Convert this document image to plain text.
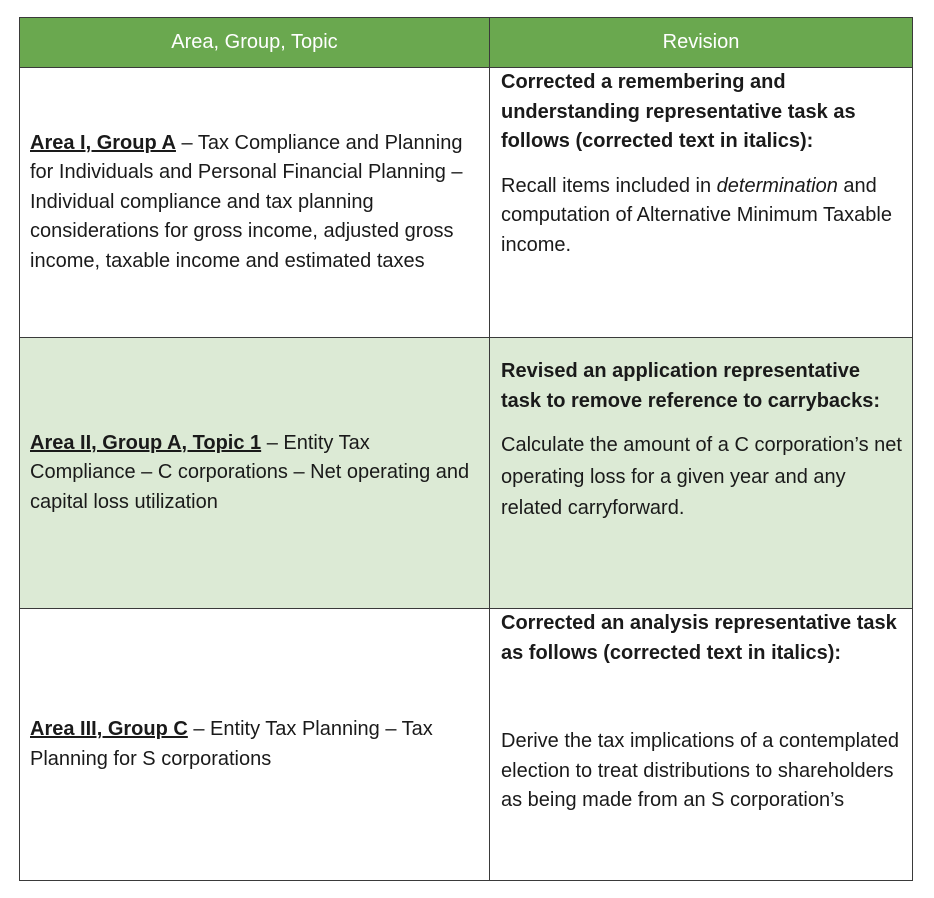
Area, Group, Topic	Revision
Area I, Group A – Tax Compliance and Planning for Individuals and Personal Financial Planning – Individual compliance and tax planning considerations for gross income, adjusted gross income, taxable income and estimated taxes	Corrected a remembering and understanding representative task as follows (corrected text in italics):

Recall items included in determination and computation of Alternative Minimum Taxable income.

Area II, Group A, Topic 1 – Entity Tax Compliance – C corporations – Net operating and capital loss utilization	Revised an application representative task to remove reference to carrybacks:

Calculate the amount of a C corporation’s net operating loss for a given year and any related carryforward.

Area III, Group C – Entity Tax Planning – Tax Planning for S corporations	Corrected an analysis representative task as follows (corrected text in italics):

Derive the tax implications of a contemplated election to treat distributions to shareholders as being made from an S corporation’s
